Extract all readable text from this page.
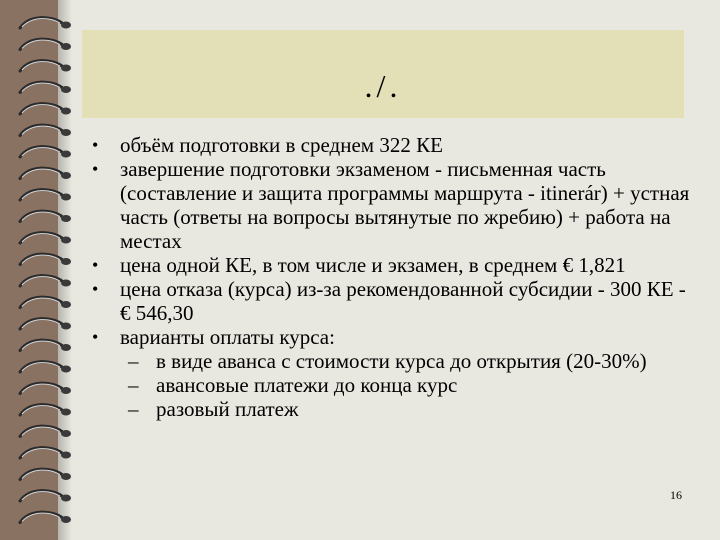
./.
•	объём подготовки в среднем 322 КЕ
•	завершение подготовки экзаменом - письменная часть (составление и защита программы маршрута - itinerár) + устная часть (ответы на вопросы вытянутые по жребию) + работа на местах
•	цена одной КЕ, в том числе и экзамен, в среднем € 1,821
•	цена отказа (курса) из-за рекомендованной субсидии - 300 КЕ - € 546,30
•	варианты оплаты курса:
– в виде аванса с стоимости курса до открытия (20-30%)
– авансовые платежи до конца курс
– разовый платеж
16
